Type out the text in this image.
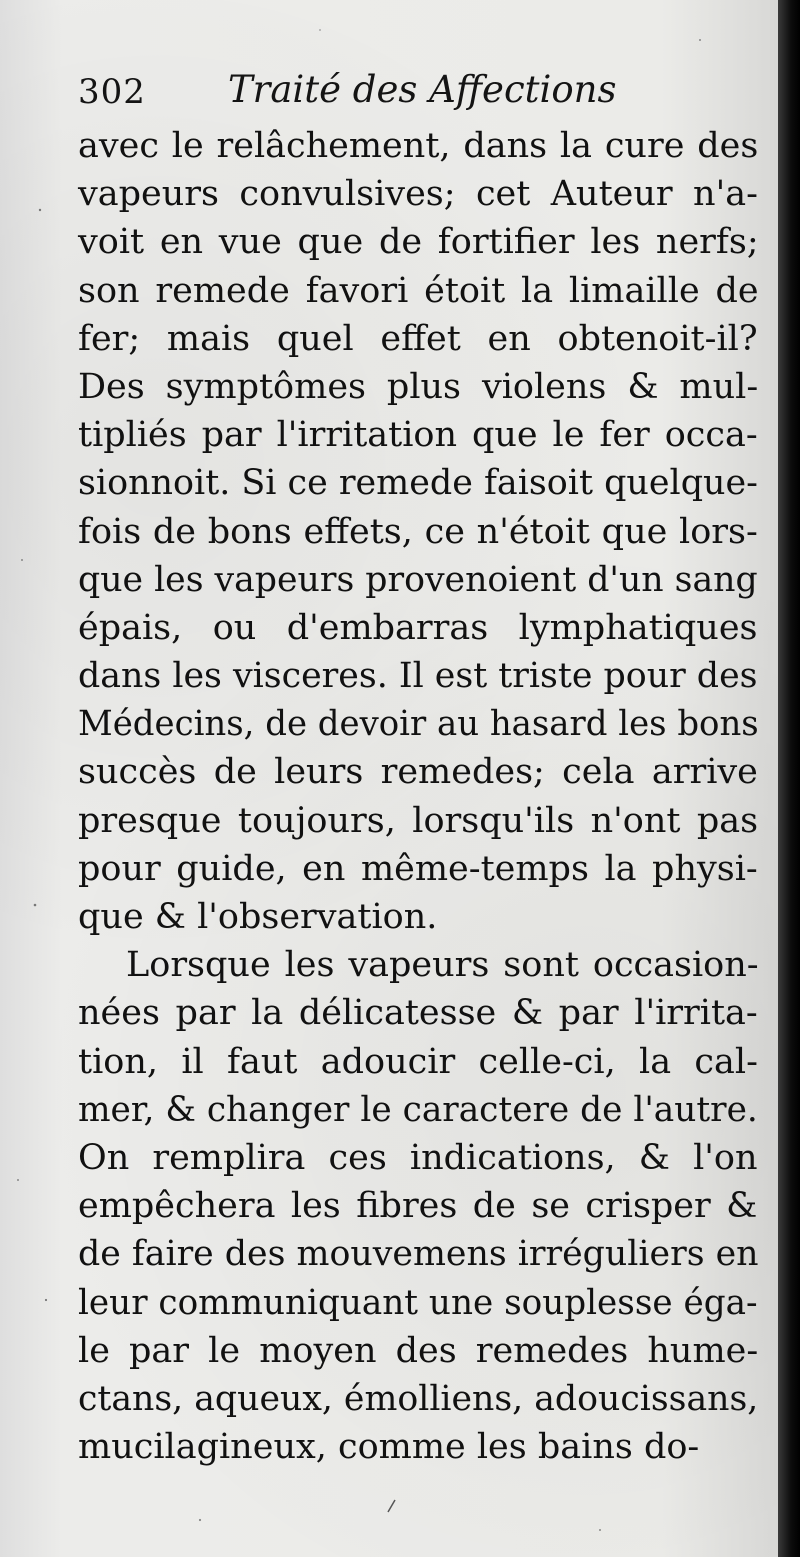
302 Traité des Affections
avec le relâchement, dans la cure des
vapeurs convulsives; cet Auteur n'a-
voit en vue que de fortifier les nerfs;
son remede favori étoit la limaille de
fer; mais quel effet en obtenoit-il?
Des symptômes plus violens & mul-
tipliés par l'irritation que le fer occa-
sionnoit. Si ce remede faisoit quelque-
fois de bons effets, ce n'étoit que lors-
que les vapeurs provenoient d'un sang
épais, ou d'embarras lymphatiques
dans les visceres. Il est triste pour des
Médecins, de devoir au hasard les bons
succès de leurs remedes; cela arrive
presque toujours, lorsqu'ils n'ont pas
pour guide, en même-temps la physi-
que & l'observation.
Lorsque les vapeurs sont occasion-
nées par la délicatesse & par l'irrita-
tion, il faut adoucir celle-ci, la cal-
mer, & changer le caractere de l'autre.
On remplira ces indications, & l'on
empêchera les fibres de se crisper &
de faire des mouvemens irréguliers en
leur communiquant une souplesse éga-
le par le moyen des remedes hume-
ctans, aqueux, émolliens, adoucissans,
mucilagineux, comme les bains do-
